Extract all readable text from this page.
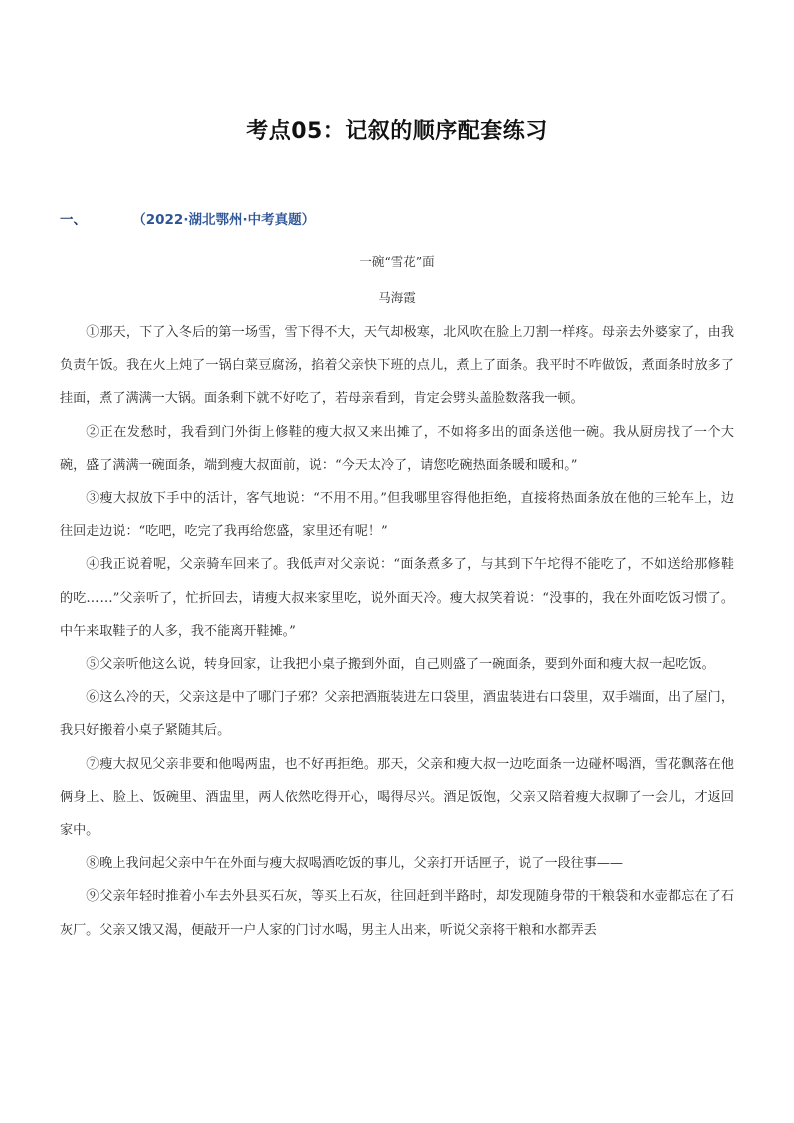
考点05：记叙的顺序配套练习
一、	（2022·湖北鄂州·中考真题）
一碗“雪花”面
马海霞

①那天，下了入冬后的第一场雪，雪下得不大，天气却极寒，北风吹在脸上刀割一样疼。母亲去外婆家了，由我负责午饭。我在火上炖了一锅白菜豆腐汤，掐着父亲快下班的点儿，煮上了面条。我平时不咋做饭，煮面条时放多了挂面，煮了满满一大锅。面条剩下就不好吃了，若母亲看到，肯定会劈头盖脸数落我一顿。

②正在发愁时，我看到门外街上修鞋的瘦大叔又来出摊了，不如将多出的面条送他一碗。我从厨房找了一个大碗，盛了满满一碗面条，端到瘦大叔面前，说：“今天太冷了，请您吃碗热面条暖和暖和。”

③瘦大叔放下手中的活计，客气地说：“不用不用。”但我哪里容得他拒绝，直接将热面条放在他的三轮车上，边往回走边说：“吃吧，吃完了我再给您盛，家里还有呢！”

④我正说着呢，父亲骑车回来了。我低声对父亲说：“面条煮多了，与其到下午坨得不能吃了，不如送给那修鞋的吃……”父亲听了，忙折回去，请瘦大叔来家里吃，说外面天冷。瘦大叔笑着说：“没事的，我在外面吃饭习惯了。中午来取鞋子的人多，我不能离开鞋摊。”

⑤父亲听他这么说，转身回家，让我把小桌子搬到外面，自己则盛了一碗面条，要到外面和瘦大叔一起吃饭。

⑥这么冷的天，父亲这是中了哪门子邪？父亲把酒瓶装进左口袋里，酒盅装进右口袋里，双手端面，出了屋门，我只好搬着小桌子紧随其后。

⑦瘦大叔见父亲非要和他喝两盅，也不好再拒绝。那天，父亲和瘦大叔一边吃面条一边碰杯喝酒，雪花飘落在他俩身上、脸上、饭碗里、酒盅里，两人依然吃得开心，喝得尽兴。酒足饭饱，父亲又陪着瘦大叔聊了一会儿，才返回家中。

⑧晚上我问起父亲中午在外面与瘦大叔喝酒吃饭的事儿，父亲打开话匣子，说了一段往事——

⑨父亲年轻时推着小车去外县买石灰，等买上石灰，往回赶到半路时，却发现随身带的干粮袋和水壶都忘在了石灰厂。父亲又饿又渴，便敲开一户人家的门讨水喝，男主人出来，听说父亲将干粮和水都弄丢
